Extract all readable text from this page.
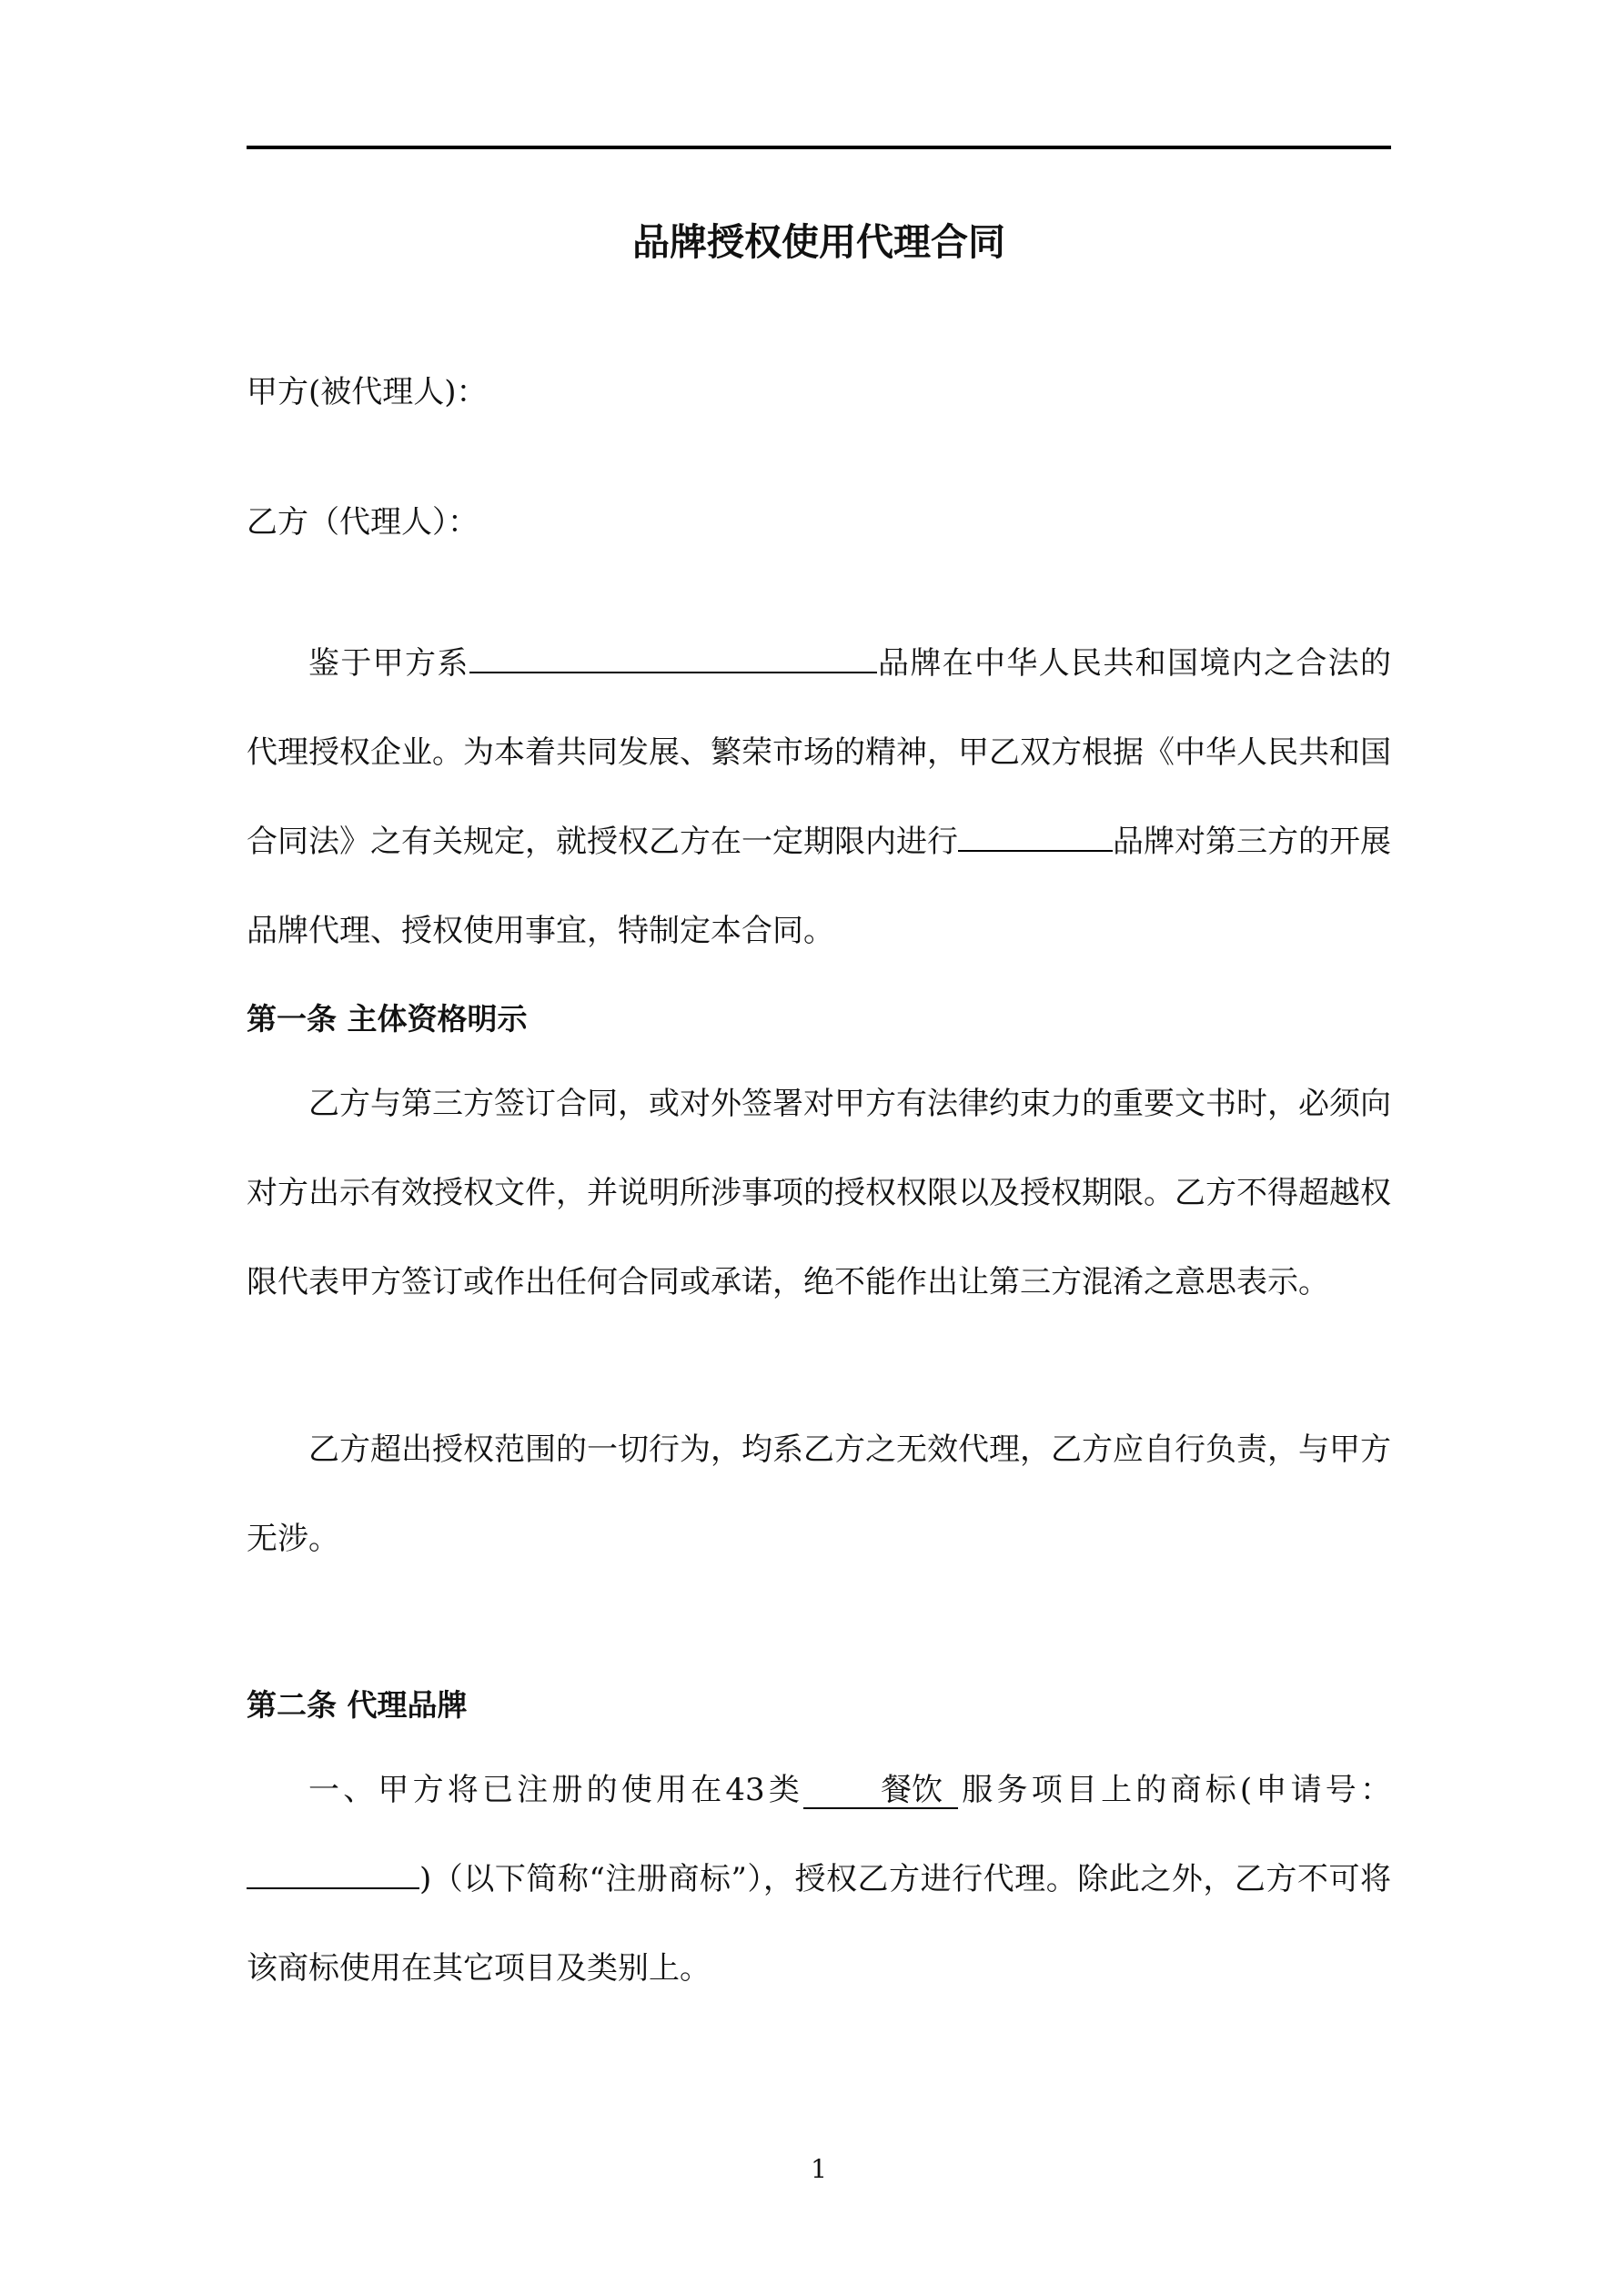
品牌授权使用代理合同
甲方(被代理人)：
乙方（代理人）：
鉴于甲方系	品牌在中华人民共和国境内之合法的代理授权企业。为本着共同发展、繁荣市场的精神，甲乙双方根据《中华人民共和国合同法》之有关规定，就授权乙方在一定期限内进行	品牌对第三方的开展品牌代理、授权使用事宜，特制定本合同。
第一条 主体资格明示
乙方与第三方签订合同，或对外签署对甲方有法律约束力的重要文书时，必须向对方出示有效授权文件，并说明所涉事项的授权权限以及授权期限。乙方不得超越权限代表甲方签订或作出任何合同或承诺，绝不能作出让第三方混淆之意思表示。
乙方超出授权范围的一切行为，均系乙方之无效代理，乙方应自行负责，与甲方无涉。
第二条 代理品牌
一、甲方将已注册的使用在43类	餐饮 服务项目上的商标(申请号：)（以下简称“注册商标”），授权乙方进行代理。除此之外，乙方不可将该商标使用在其它项目及类别上。
1
